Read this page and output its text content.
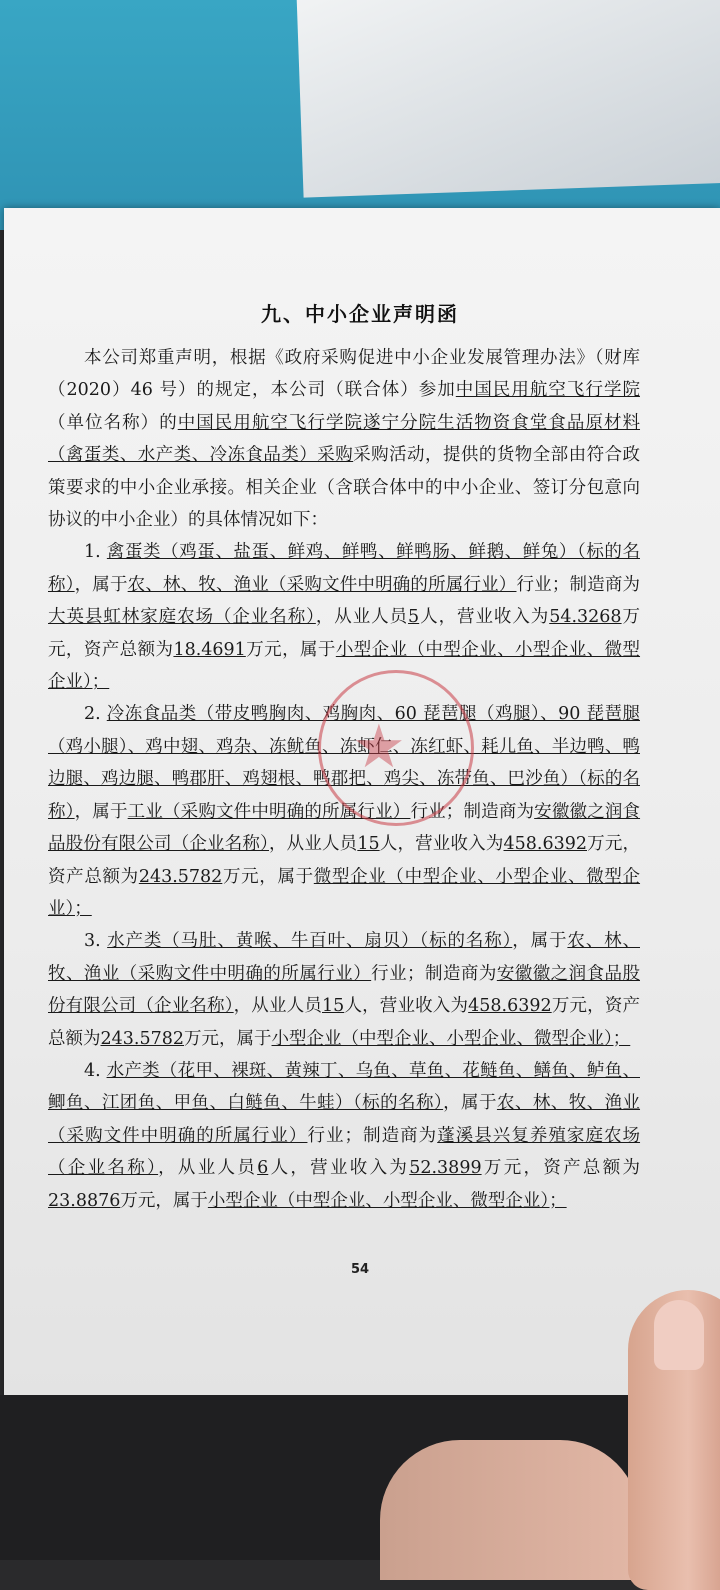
九、中小企业声明函

本公司郑重声明，根据《政府采购促进中小企业发展管理办法》（财库（2020）46 号）的规定，本公司（联合体）参加中国民用航空飞行学院（单位名称）的中国民用航空飞行学院遂宁分院生活物资食堂食品原材料（禽蛋类、水产类、冷冻食品类）采购采购活动，提供的货物全部由符合政策要求的中小企业承接。相关企业（含联合体中的中小企业、签订分包意向协议的中小企业）的具体情况如下：

1. 禽蛋类（鸡蛋、盐蛋、鲜鸡、鲜鸭、鲜鸭肠、鲜鹅、鲜兔）（标的名称），属于农、林、牧、渔业（采购文件中明确的所属行业）行业；制造商为大英县虹林家庭农场（企业名称），从业人员5人，营业收入为54.3268万元，资产总额为18.4691万元，属于小型企业（中型企业、小型企业、微型企业）；

2. 冷冻食品类（带皮鸭胸肉、鸡胸肉、60 琵琶腿（鸡腿）、90 琵琶腿（鸡小腿）、鸡中翅、鸡杂、冻鱿鱼、冻虾仁、冻红虾、耗儿鱼、半边鸭、鸭边腿、鸡边腿、鸭郡肝、鸡翅根、鸭郡把、鸡尖、冻带鱼、巴沙鱼）（标的名称），属于工业（采购文件中明确的所属行业）行业；制造商为安徽徽之润食品股份有限公司（企业名称），从业人员15人，营业收入为458.6392万元，资产总额为243.5782万元，属于微型企业（中型企业、小型企业、微型企业）；

3. 水产类（马肚、黄喉、牛百叶、扇贝）（标的名称），属于农、林、牧、渔业（采购文件中明确的所属行业）行业；制造商为安徽徽之润食品股份有限公司（企业名称），从业人员15人，营业收入为458.6392万元，资产总额为243.5782万元，属于小型企业（中型企业、小型企业、微型企业）；

4. 水产类（花甲、裸斑、黄辣丁、乌鱼、草鱼、花鲢鱼、鳝鱼、鲈鱼、鲫鱼、江团鱼、甲鱼、白鲢鱼、牛蛙）（标的名称），属于农、林、牧、渔业（采购文件中明确的所属行业）行业；制造商为蓬溪县兴复养殖家庭农场（企业名称），从业人员6人，营业收入为52.3899万元，资产总额为23.8876万元，属于小型企业（中型企业、小型企业、微型企业）；

★
54
